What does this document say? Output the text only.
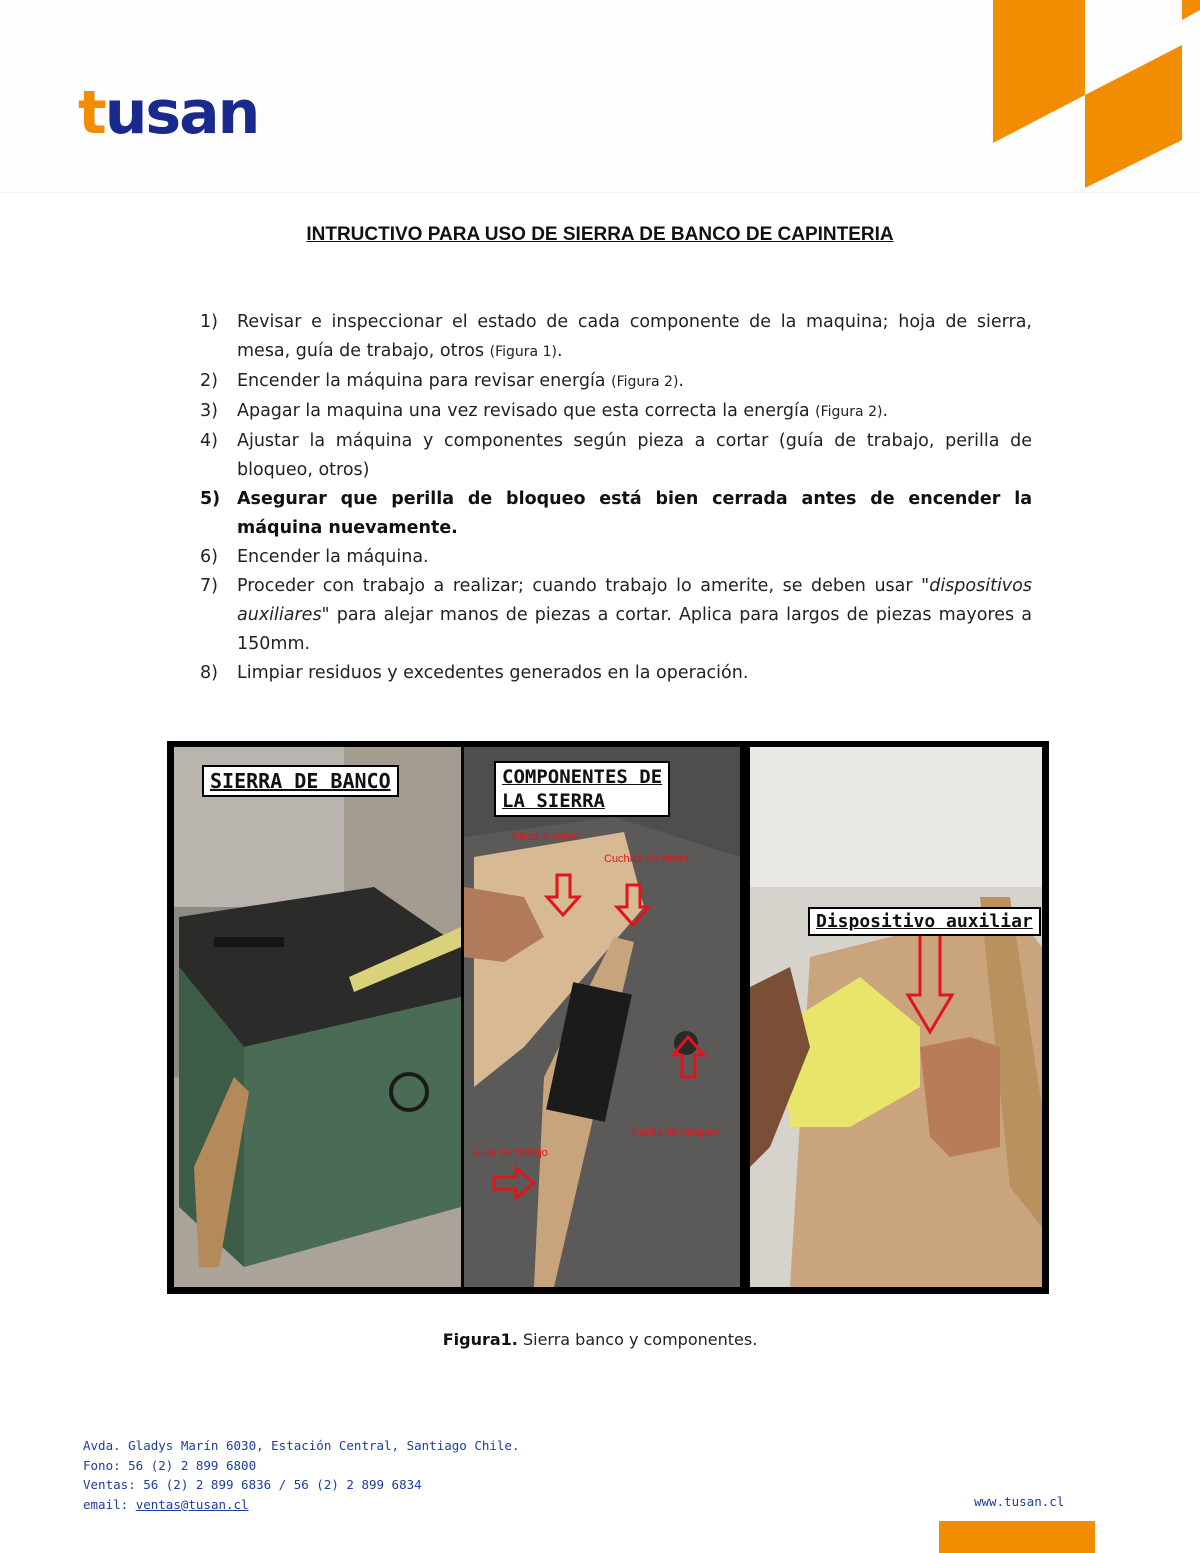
tusan
INTRUCTIVO PARA USO DE SIERRA DE BANCO DE CAPINTERIA
1)	Revisar e inspeccionar el estado de cada componente de la maquina; hoja de sierra, mesa, guía de trabajo, otros (Figura 1).
2)	Encender la máquina para revisar energía (Figura 2).
3)	Apagar la maquina una vez revisado que esta correcta la energía (Figura 2).
4)	Ajustar la máquina y componentes según pieza a cortar (guía de trabajo, perilla de bloqueo, otros)
5) Asegurar que perilla de bloqueo está bien cerrada antes de encender la máquina nuevamente.
6)	Encender la máquina.
7)	Proceder con trabajo a realizar; cuando trabajo lo amerite, se deben usar "dispositivos auxiliares" para alejar manos de piezas a cortar. Aplica para largos de piezas mayores a 150mm.
8)	Limpiar residuos y excedentes generados en la operación.
SIERRA DE BANCO	COMPONENTES DE
LA SIERRA
Pieza a cortar
Cuchilla de sierra
Guía de trabajo
Perilla de bloqueo
Dispositivo auxiliar
Figura1. Sierra banco y componentes.
Avda. Gladys Marín 6030, Estación Central, Santiago Chile.
Fono: 56 (2) 2 899 6800
Ventas: 56 (2) 2 899 6836 / 56 (2) 2 899 6834
email: ventas@tusan.cl	www.tusan.cl
